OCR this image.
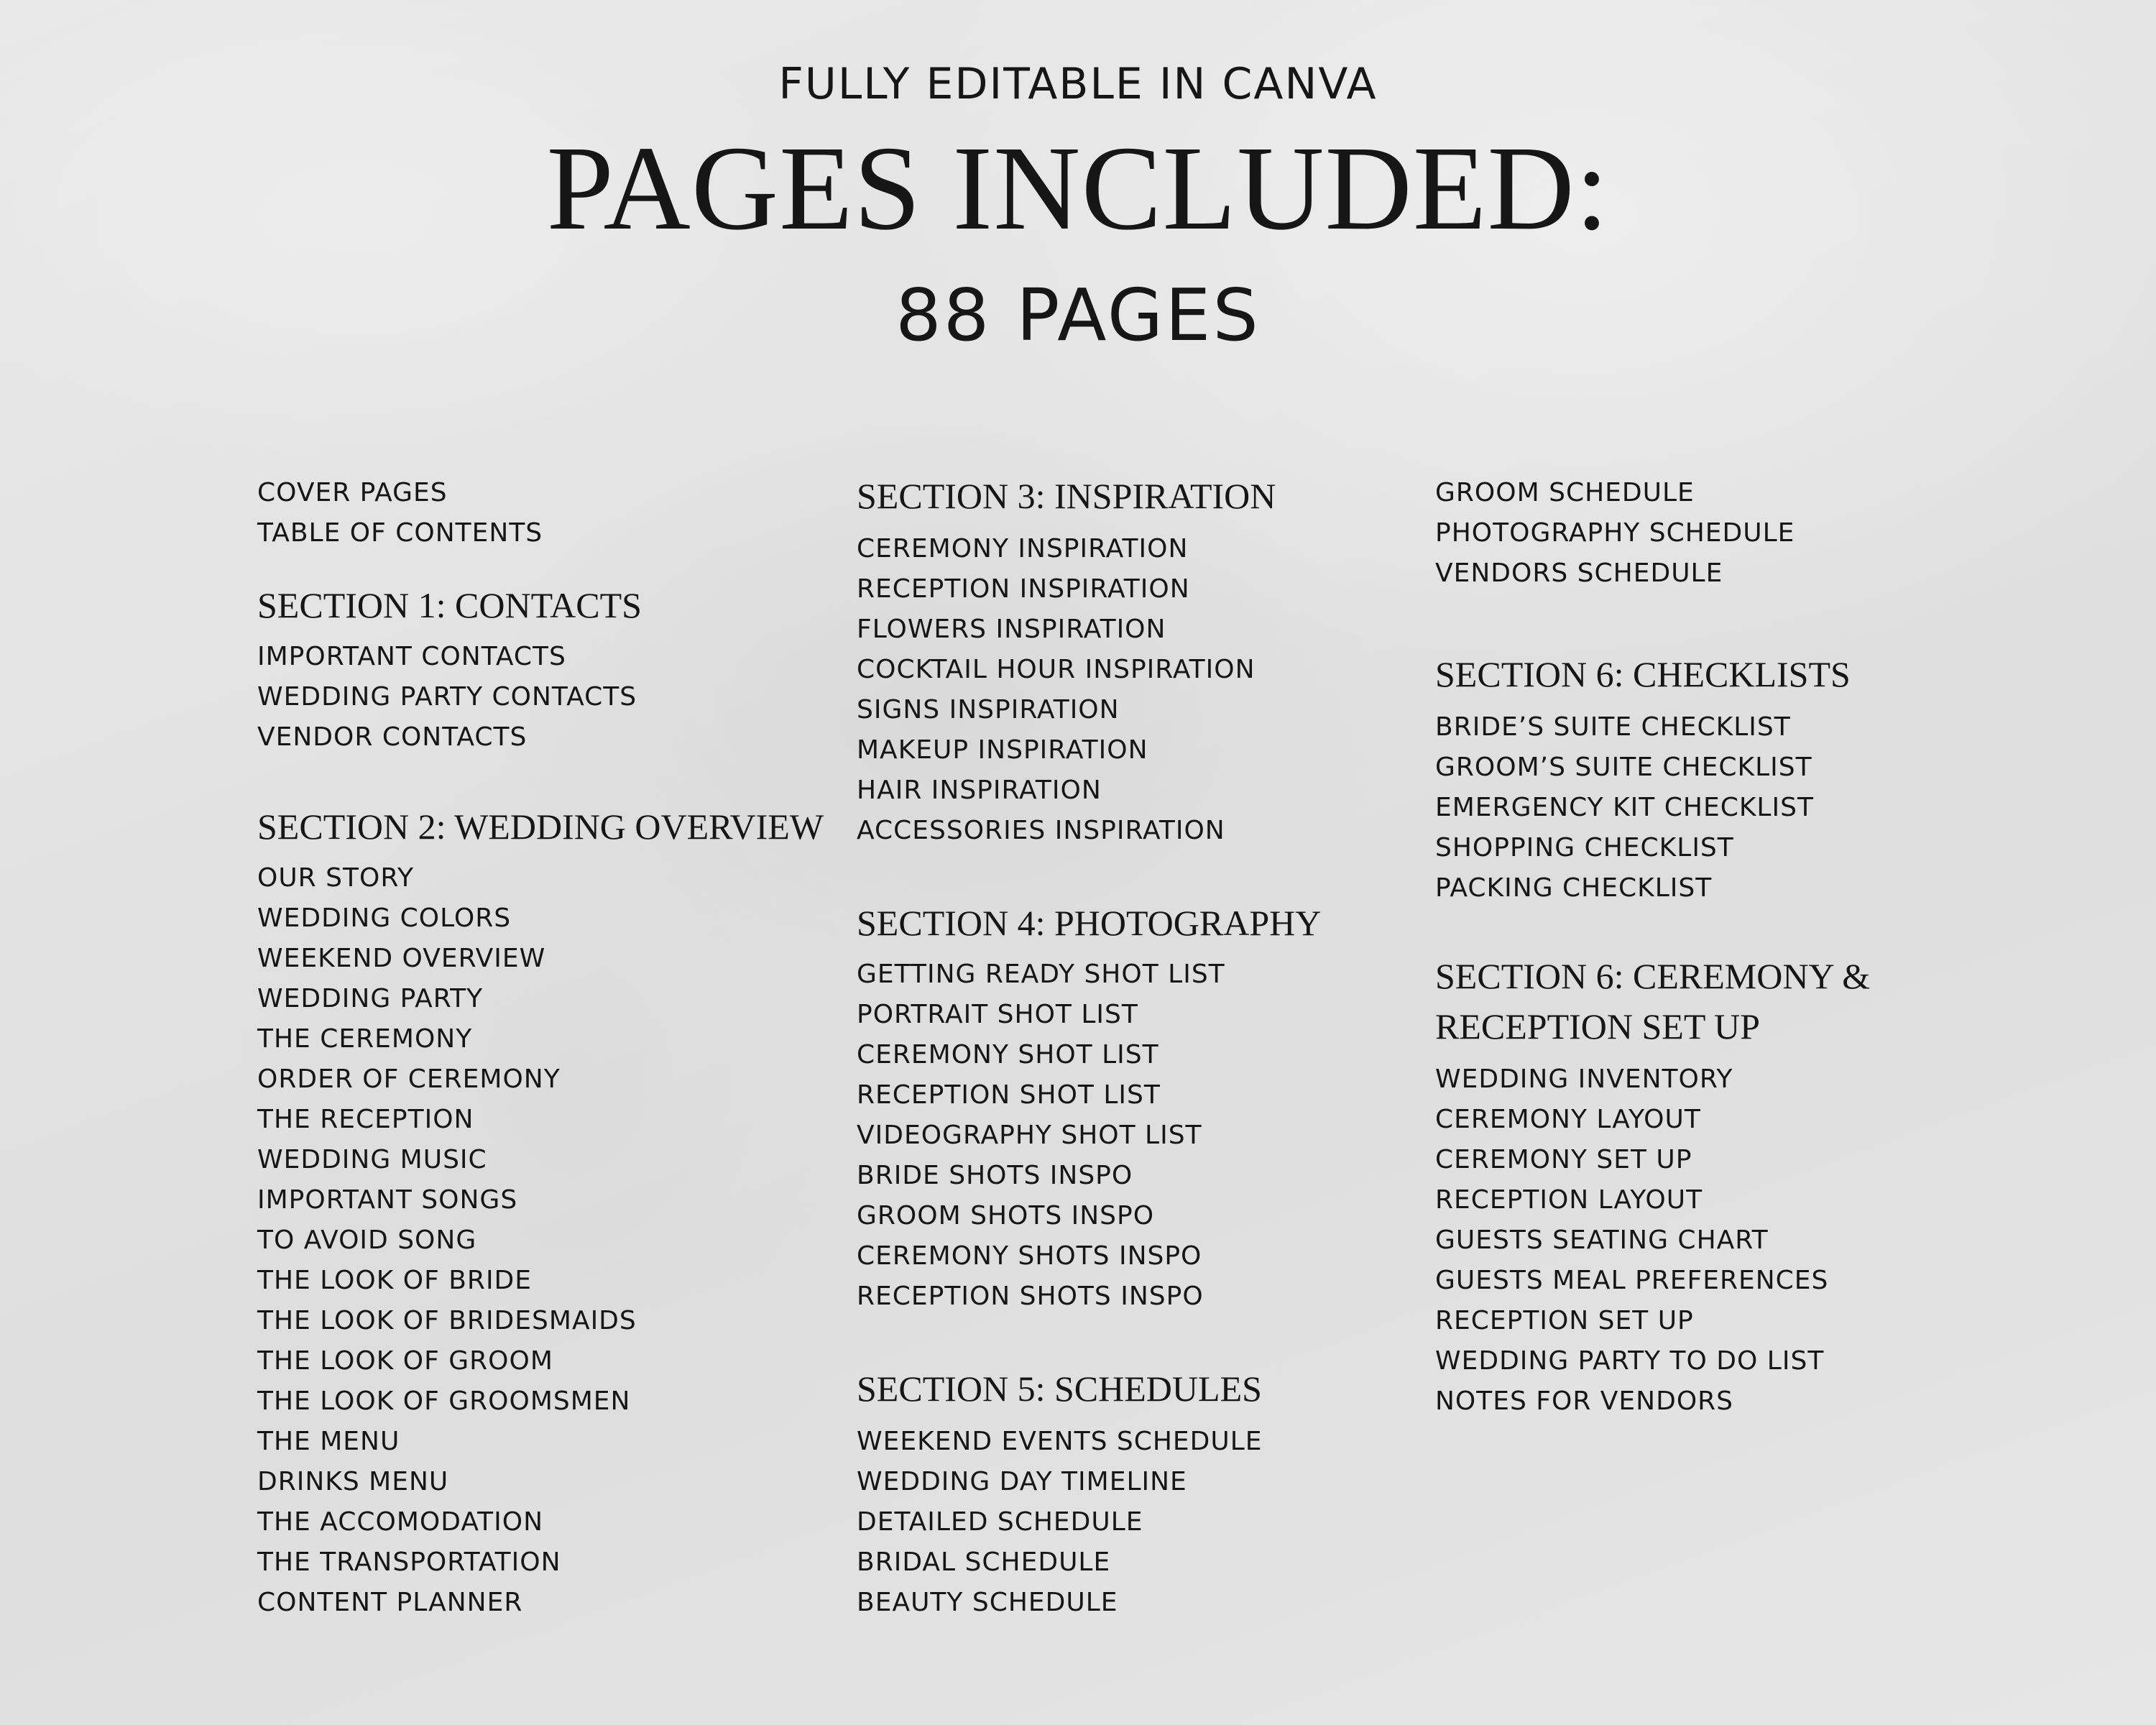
FULLY EDITABLE IN CANVA
PAGES INCLUDED:
88 PAGES
COVER PAGES
TABLE OF CONTENTS
SECTION 1: CONTACTS
IMPORTANT CONTACTS
WEDDING PARTY CONTACTS
VENDOR CONTACTS
SECTION 2: WEDDING OVERVIEW
OUR STORY
WEDDING COLORS
WEEKEND OVERVIEW
WEDDING PARTY
THE CEREMONY
ORDER OF CEREMONY
THE RECEPTION
WEDDING MUSIC
IMPORTANT SONGS
TO AVOID SONG
THE LOOK OF BRIDE
THE LOOK OF BRIDESMAIDS
THE LOOK OF GROOM
THE LOOK OF GROOMSMEN
THE MENU
DRINKS MENU
THE ACCOMODATION
THE TRANSPORTATION
CONTENT PLANNER
SECTION 3: INSPIRATION
CEREMONY INSPIRATION
RECEPTION INSPIRATION
FLOWERS INSPIRATION
COCKTAIL HOUR INSPIRATION
SIGNS INSPIRATION
MAKEUP INSPIRATION
HAIR INSPIRATION
ACCESSORIES INSPIRATION
SECTION 4: PHOTOGRAPHY
GETTING READY SHOT LIST
PORTRAIT SHOT LIST
CEREMONY SHOT LIST
RECEPTION SHOT LIST
VIDEOGRAPHY SHOT LIST
BRIDE SHOTS INSPO
GROOM SHOTS INSPO
CEREMONY SHOTS INSPO
RECEPTION SHOTS INSPO
SECTION 5: SCHEDULES
WEEKEND EVENTS SCHEDULE
WEDDING DAY TIMELINE
DETAILED SCHEDULE
BRIDAL SCHEDULE
BEAUTY SCHEDULE
GROOM SCHEDULE
PHOTOGRAPHY SCHEDULE
VENDORS SCHEDULE
SECTION 6: CHECKLISTS
BRIDE’S SUITE CHECKLIST
GROOM’S SUITE CHECKLIST
EMERGENCY KIT CHECKLIST
SHOPPING CHECKLIST
PACKING CHECKLIST
SECTION 6: CEREMONY &
RECEPTION SET UP
WEDDING INVENTORY
CEREMONY LAYOUT
CEREMONY SET UP
RECEPTION LAYOUT
GUESTS SEATING CHART
GUESTS MEAL PREFERENCES
RECEPTION SET UP
WEDDING PARTY TO DO LIST
NOTES FOR VENDORS
